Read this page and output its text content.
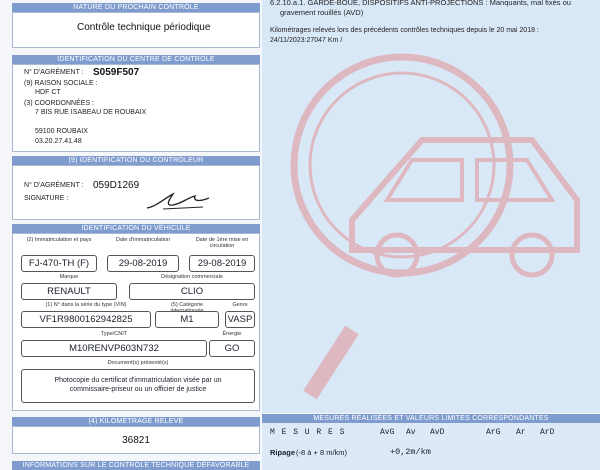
NATURE DU PROCHAIN CONTRÔLE
Contrôle technique périodique
IDENTIFICATION DU CENTRE DE CONTRÔLE
N° D'AGRÉMENT : S059F507
(9) RAISON SOCIALE :
HDF CT
(3) COORDONNÉES :
7 BIS RUE ISABEAU DE ROUBAIX
59100 ROUBAIX
03.20.27.41.48
(9) IDENTIFICATION DU CONTRÔLEUR
N° D'AGRÉMENT : 059D1269
SIGNATURE :
IDENTIFICATION DU VÉHICULE
(2) Immatriculation et pays	Date d'immatriculation	Date de 1ère mise en circulation
FJ-470-TH (F)	29-08-2019	29-08-2019
Marque	Désignation commerciale
RENAULT	CLIO
(1) N° dans la série du type (VIN)	(5) Catégorie	Genre
VF1R9800162942825	M1	VASP
Type/CNIT	Énergie
M10RENVP603N732	GO
Document(s) présenté(s)
Photocopie du certificat d'immatriculation visée par un commissaire-priseur ou un officier de justice
(4) KILOMÉTRAGE RELEVÉ
36821
INFORMATIONS SUR LE CONTRÔLE TECHNIQUE DÉFAVORABLE
6.2.10.a.1. GARDE-BOUE, DISPOSITIFS ANTI-PROJECTIONS : Manquants, mal fixés ou
gravement rouillés (AVD)
Kilométrages relevés lors des précédents contrôles techniques depuis le 20 mai 2018 :
24/11/2023:27047 Km /
MESURES RÉALISÉES ET VALEURS LIMITES CORRESPONDANTES
M E S U R E S	AvG Av AvD	ArG Ar ArD
Ripage (-8 à + 8 m/km)	+0,2m/km
